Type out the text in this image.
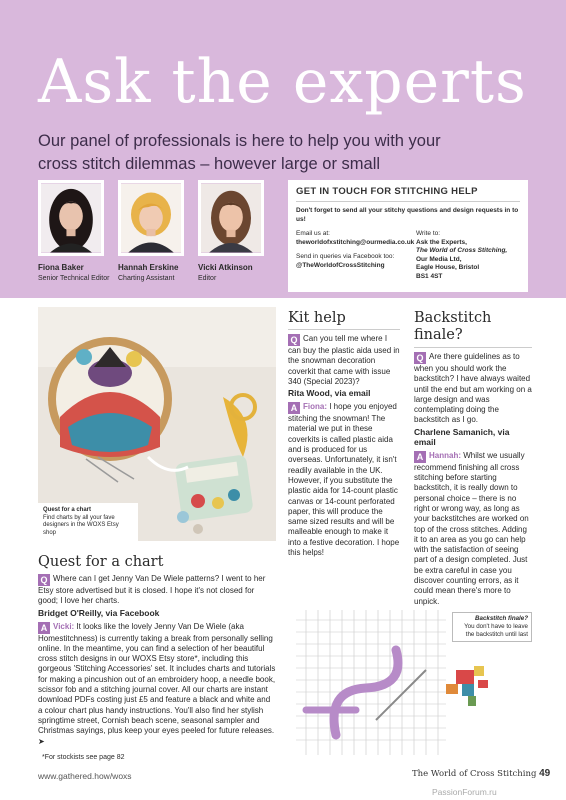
Ask the experts
Our panel of professionals is here to help you with your cross stitch dilemmas – however large or small
Fiona Baker
Senior Technical Editor
Hannah Erskine
Charting Assistant
Vicki Atkinson
Editor
GET IN TOUCH FOR STITCHING HELP
Don't forget to send all your stitchy questions and design requests in to us!
Email us at:
theworldofxstitching@ourmedia.co.uk
Send in queries via Facebook too:
@TheWorldofCrossStitching
Write to:
Ask the Experts,
The World of Cross Stitching,
Our Media Ltd,
Eagle House, Bristol
BS1 4ST
Quest for a chart
Find charts by all your fave designers in the WOXS Etsy shop
Quest for a chart
Q Where can I get Jenny Van De Wiele patterns? I went to her Etsy store advertised but it is closed. I hope it's not closed for good; I love her charts.
Bridget O'Reilly, via Facebook
A Vicki: It looks like the lovely Jenny Van De Wiele (aka Homestitchness) is currently taking a break from personally selling online. In the meantime, you can find a selection of her beautiful cross stitch designs in our WOXS Etsy store*, including this gorgeous 'Stitching Accessories' set. It includes charts and tutorials for making a pincushion out of an embroidery hoop, a needle book, scissor fob and a stitching journal cover. All our charts are instant download PDFs costing just £5 and feature a black and white and a colour chart plus handy instructions. You'll also find her stylish springtime street, Cornish beach scene, seasonal sampler and Christmas sayings, plus keep your eyes peeled for future releases. ➤
*For stockists see page 82
Kit help
Q Can you tell me where I can buy the plastic aida used in the snowman decoration coverkit that came with issue 340 (Special 2023)?
Rita Wood, via email
A Fiona: I hope you enjoyed stitching the snowman! The material we put in these coverkits is called plastic aida and is produced for us overseas. Unfortunately, it isn't readily available in the UK. However, if you substitute the plastic aida for 14-count plastic canvas or 14-count perforated paper, this will produce the same sized results and will be malleable enough to make it into a festive decoration. I hope this helps!
Backstitch finale?
Q Are there guidelines as to when you should work the backstitch? I have always waited until the end but am working on a large design and was contemplating doing the backstitch as I go.
Charlene Samanich, via email
A Hannah: Whilst we usually recommend finishing all cross stitching before starting backstitch, it is really down to personal choice – there is no right or wrong way, as long as your backstitches are worked on top of the cross stitches. Adding it to an area as you go can help with the satisfaction of seeing part of a design completed. Just be extra careful in case you discover counting errors, as it could mean there's more to unpick.
Backstitch finale?
You don't have to leave the backstitch until last
www.gathered.how/woxs	The World of Cross Stitching 49
PassionForum.ru
